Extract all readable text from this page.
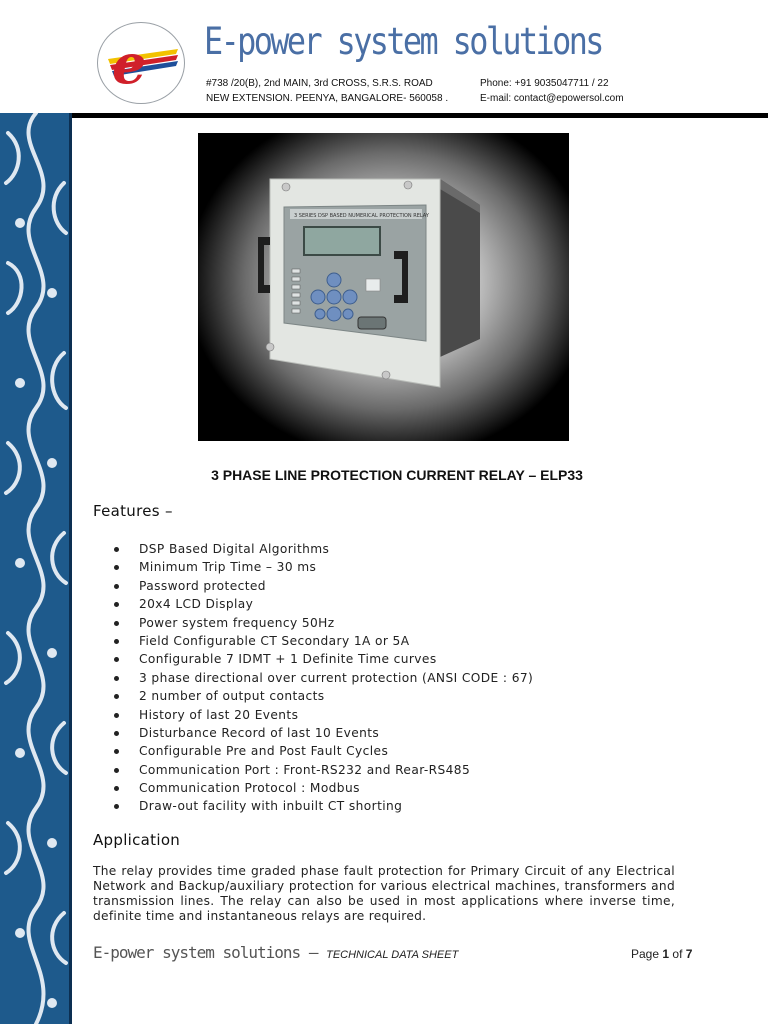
e E-power system solutions
#738 /20(B), 2nd MAIN, 3rd CROSS, S.R.S. ROAD
NEW EXTENSION. PEENYA, BANGALORE- 560058 .
Phone: +91 9035047711 / 22
E-mail: contact@epowersol.com
3 SERIES DSP BASED NUMERICAL PROTECTION RELAY
3 PHASE LINE PROTECTION CURRENT RELAY – ELP33
Features –
DSP Based Digital Algorithms
Minimum Trip Time – 30 ms
Password protected
20x4 LCD Display
Power system frequency 50Hz
Field Configurable CT Secondary 1A or 5A
Configurable 7 IDMT + 1 Definite Time curves
3 phase directional over current protection (ANSI CODE : 67)
2 number of output contacts
History of last 20 Events
Disturbance Record of last 10 Events
Configurable Pre and Post Fault Cycles
Communication Port : Front-RS232 and Rear-RS485
Communication Protocol : Modbus
Draw-out facility with inbuilt CT shorting
Application
The relay provides time graded phase fault protection for Primary Circuit of any Electrical Network and Backup/auxiliary protection for various electrical machines, transformers and transmission lines. The relay can also be used in most applications where inverse time, definite time and instantaneous relays are required.
E-power system solutions – TECHNICAL DATA SHEET	Page 1 of 7
